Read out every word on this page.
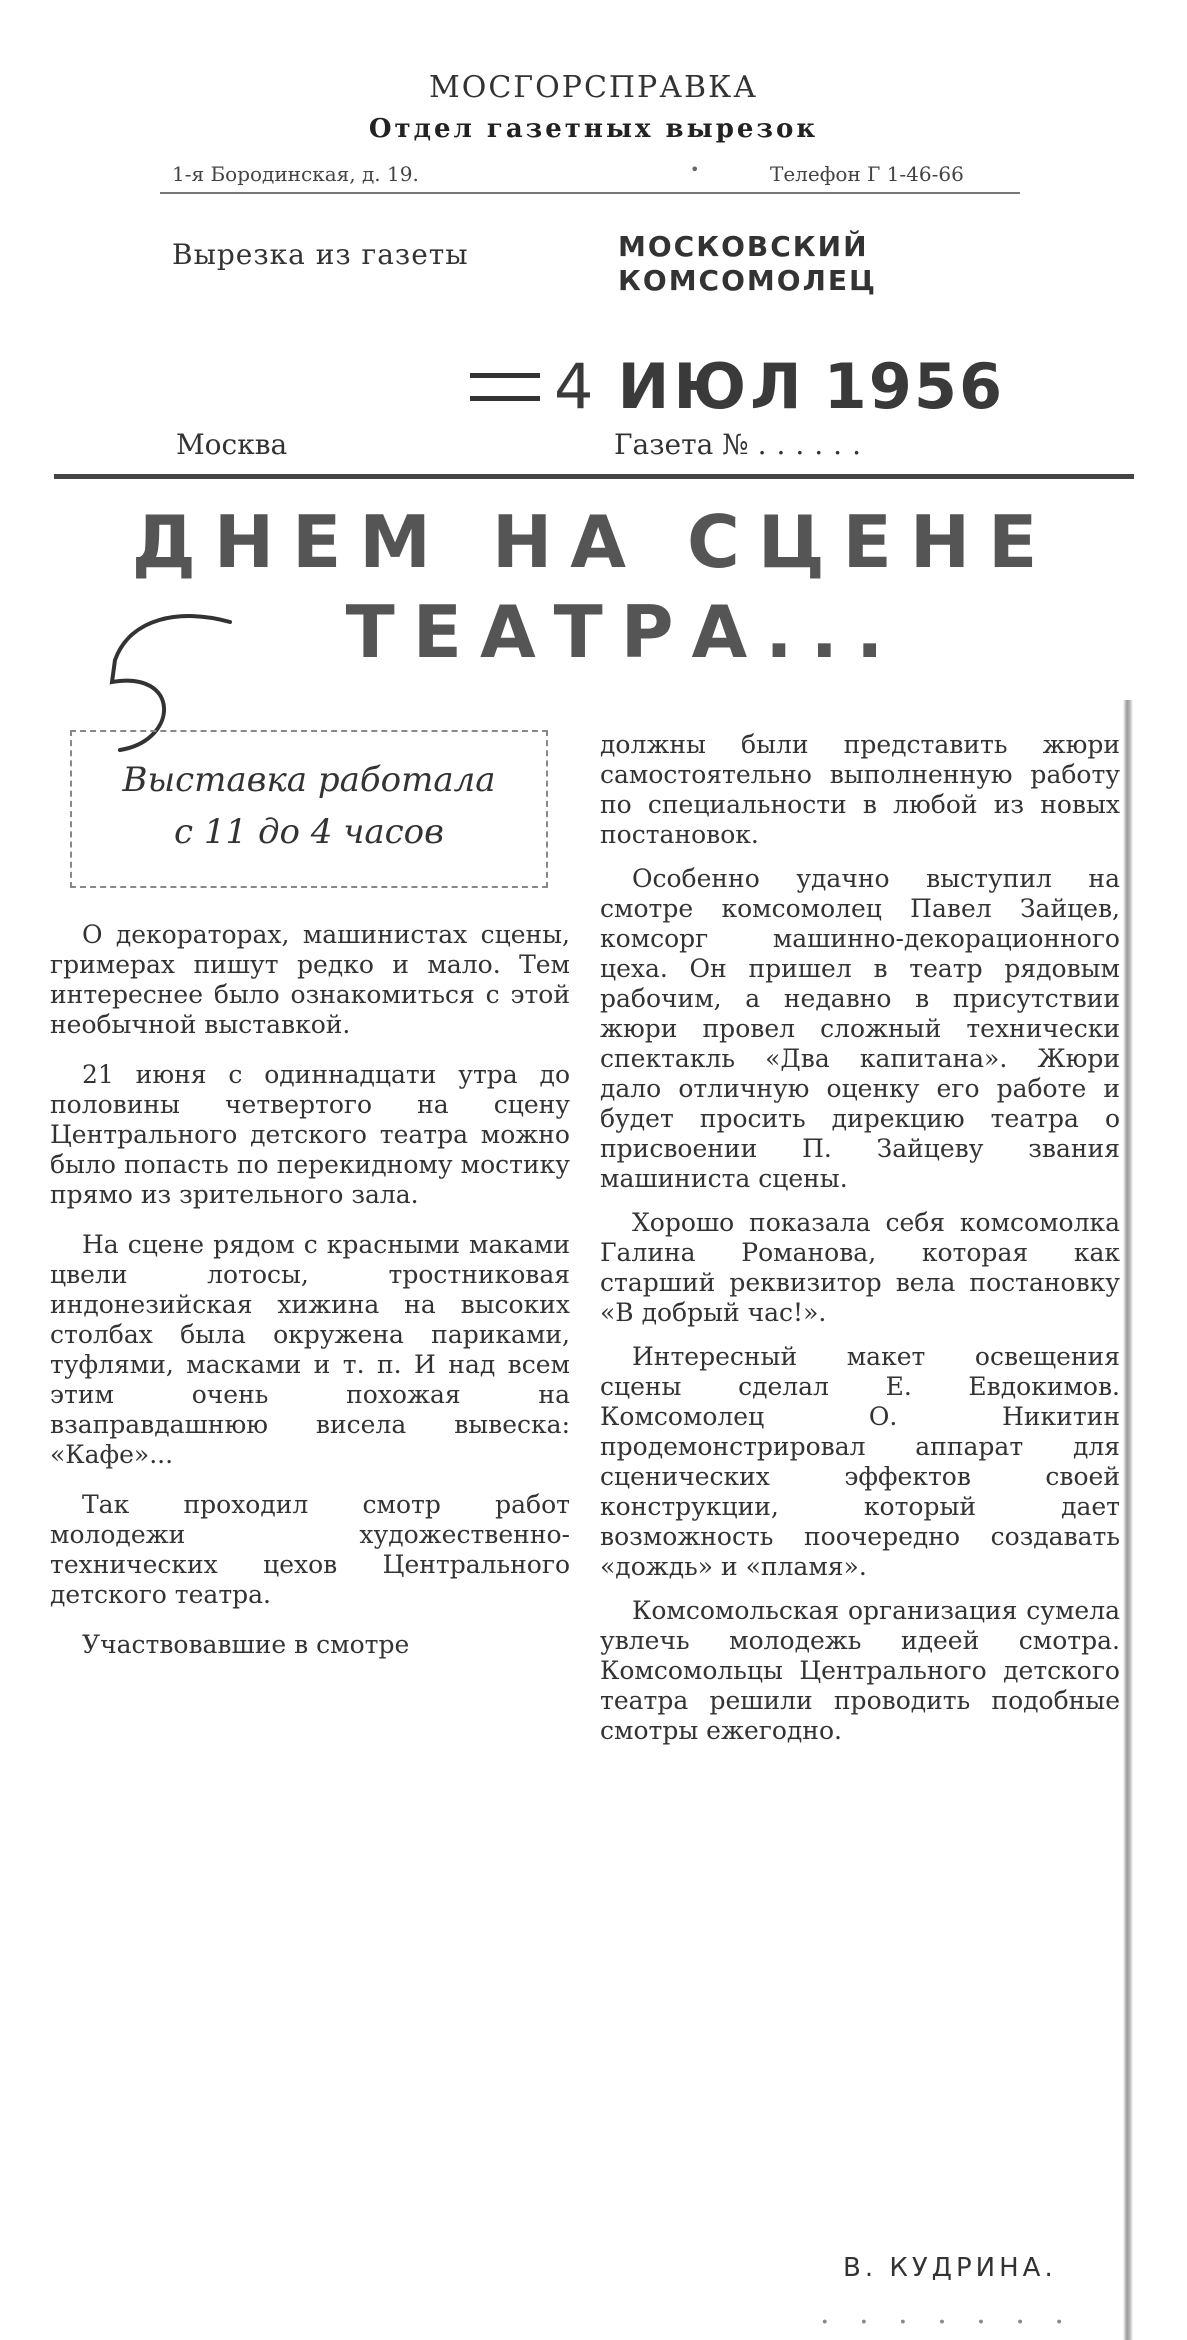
МОСГОРСПРАВКА
Отдел газетных вырезок
1-я Бородинская, д. 19.	•	Телефон Г 1-46-66
Вырезка из газеты	МОСКОВСКИЙ
КОМСОМОЛЕЦ
4 ИЮЛ 1956
Москва	Газета № ......
ДНЕМ НА СЦЕНЕ
ТЕАТРА...
Выставка работала
с 11 до 4 часов

О декораторах, машинистах сцены, гримерах пишут редко и мало. Тем интереснее было ознакомиться с этой необычной выставкой.

21 июня с одиннадцати утра до половины четвертого на сцену Центрального детского театра можно было попасть по перекидному мостику прямо из зрительного зала.

На сцене рядом с красными маками цвели лотосы, тростниковая индонезийская хижина на высоких столбах была окружена париками, туфлями, масками и т. п. И над всем этим очень похожая на взаправдашнюю висела вывеска: «Кафе»...

Так проходил смотр работ молодежи художественно-технических цехов Центрального детского театра.

Участвовавшие в смотре

должны были представить жюри самостоятельно выполненную работу по специальности в любой из новых постановок.

Особенно удачно выступил на смотре комсомолец Павел Зайцев, комсорг машинно-декорационного цеха. Он пришел в театр рядовым рабочим, а недавно в присутствии жюри провел сложный технически спектакль «Два капитана». Жюри дало отличную оценку его работе и будет просить дирекцию театра о присвоении П. Зайцеву звания машиниста сцены.

Хорошо показала себя комсомолка Галина Романова, которая как старший реквизитор вела постановку «В добрый час!».

Интересный макет освещения сцены сделал Е. Евдокимов. Комсомолец О. Никитин продемонстрировал аппарат для сценических эффектов своей конструкции, который дает возможность поочередно создавать «дождь» и «пламя».

Комсомольская организация сумела увлечь молодежь идеей смотра. Комсомольцы Центрального детского театра решили проводить подобные смотры ежегодно.

В. КУДРИНА.
· · · · · · ·
